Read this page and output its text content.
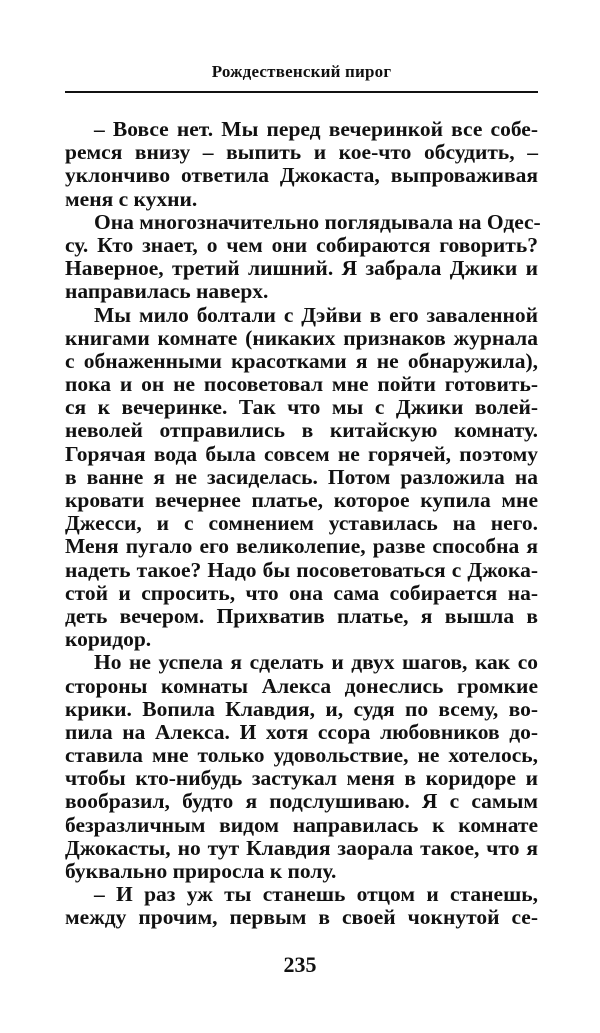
Рождественский пирог
– Вовсе нет. Мы перед вечеринкой все собе-
ремся внизу – выпить и кое-что обсудить, –
уклончиво ответила Джокаста, выпроваживая
меня с кухни.
Она многозначительно поглядывала на Одес-
су. Кто знает, о чем они собираются говорить?
Наверное, третий лишний. Я забрала Джики и
направилась наверх.
Мы мило болтали с Дэйви в его заваленной
книгами комнате (никаких признаков журнала
с обнаженными красотками я не обнаружила),
пока и он не посоветовал мне пойти готовить-
ся к вечеринке. Так что мы с Джики волей-
неволей отправились в китайскую комнату.
Горячая вода была совсем не горячей, поэтому
в ванне я не засиделась. Потом разложила на
кровати вечернее платье, которое купила мне
Джесси, и с сомнением уставилась на него.
Меня пугало его великолепие, разве способна я
надеть такое? Надо бы посоветоваться с Джока-
стой и спросить, что она сама собирается на-
деть вечером. Прихватив платье, я вышла в
коридор.
Но не успела я сделать и двух шагов, как со
стороны комнаты Алекса донеслись громкие
крики. Вопила Клавдия, и, судя по всему, во-
пила на Алекса. И хотя ссора любовников до-
ставила мне только удовольствие, не хотелось,
чтобы кто-нибудь застукал меня в коридоре и
вообразил, будто я подслушиваю. Я с самым
безразличным видом направилась к комнате
Джокасты, но тут Клавдия заорала такое, что я
буквально приросла к полу.
– И раз уж ты станешь отцом и станешь,
между прочим, первым в своей чокнутой се-
235
